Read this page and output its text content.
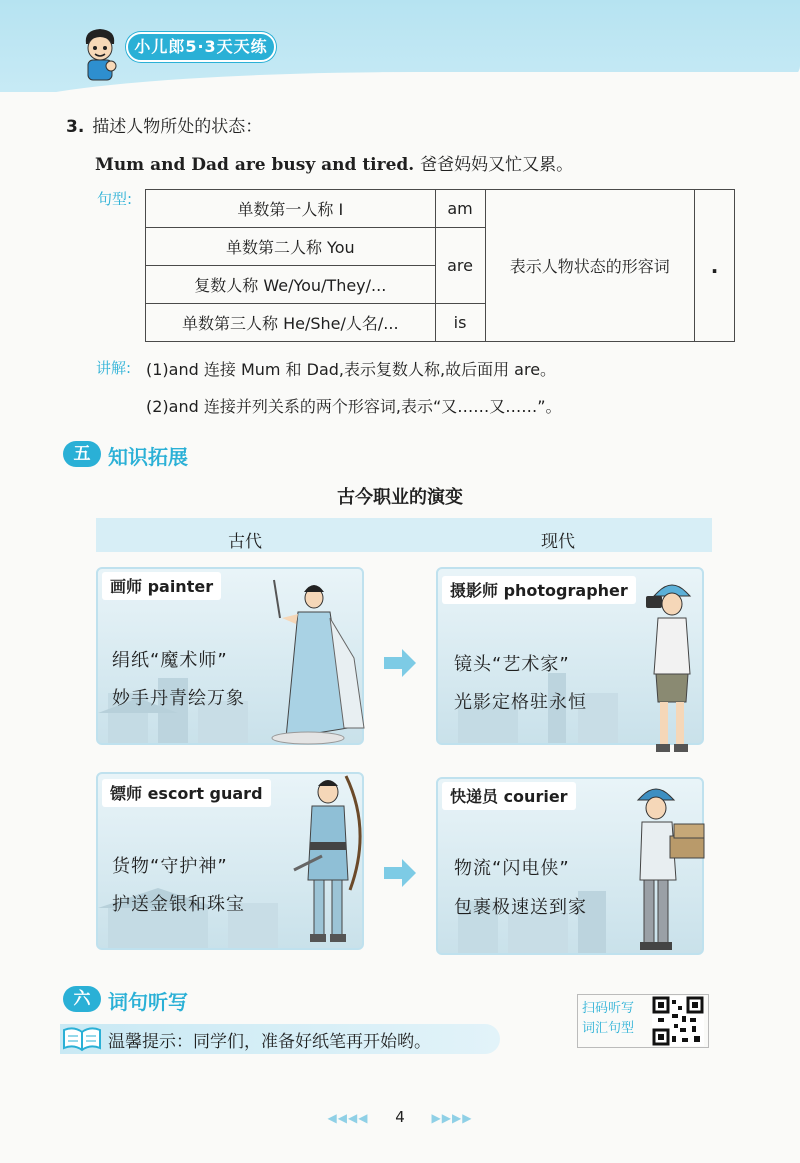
小儿郎5·3天天练
3. 描述人物所处的状态：
Mum and Dad are busy and tired. 爸爸妈妈又忙又累。
句型:
单数第一人称 I	am	表示人物状态的形容词	.
单数第二人称 You	are		
复数人称 We/You/They/...			
单数第三人称 He/She/人名/...	is		
讲解: (1)and 连接 Mum 和 Dad,表示复数人称,故后面用 are。
(2)and 连接并列关系的两个形容词,表示“又……又……”。
五 知识拓展
古今职业的演变
古代	现代
画师 painter
绢纸“魔术师”
妙手丹青绘万象
摄影师 photographer
镜头“艺术家”
光影定格驻永恒
镖师 escort guard
货物“守护神”
护送金银和珠宝
快递员 courier
物流“闪电侠”
包裹极速送到家
六 词句听写
温馨提示：同学们，准备好纸笔再开始哟。
扫码听写
词汇句型
◀◀◀◀ 4 ▶▶▶▶
